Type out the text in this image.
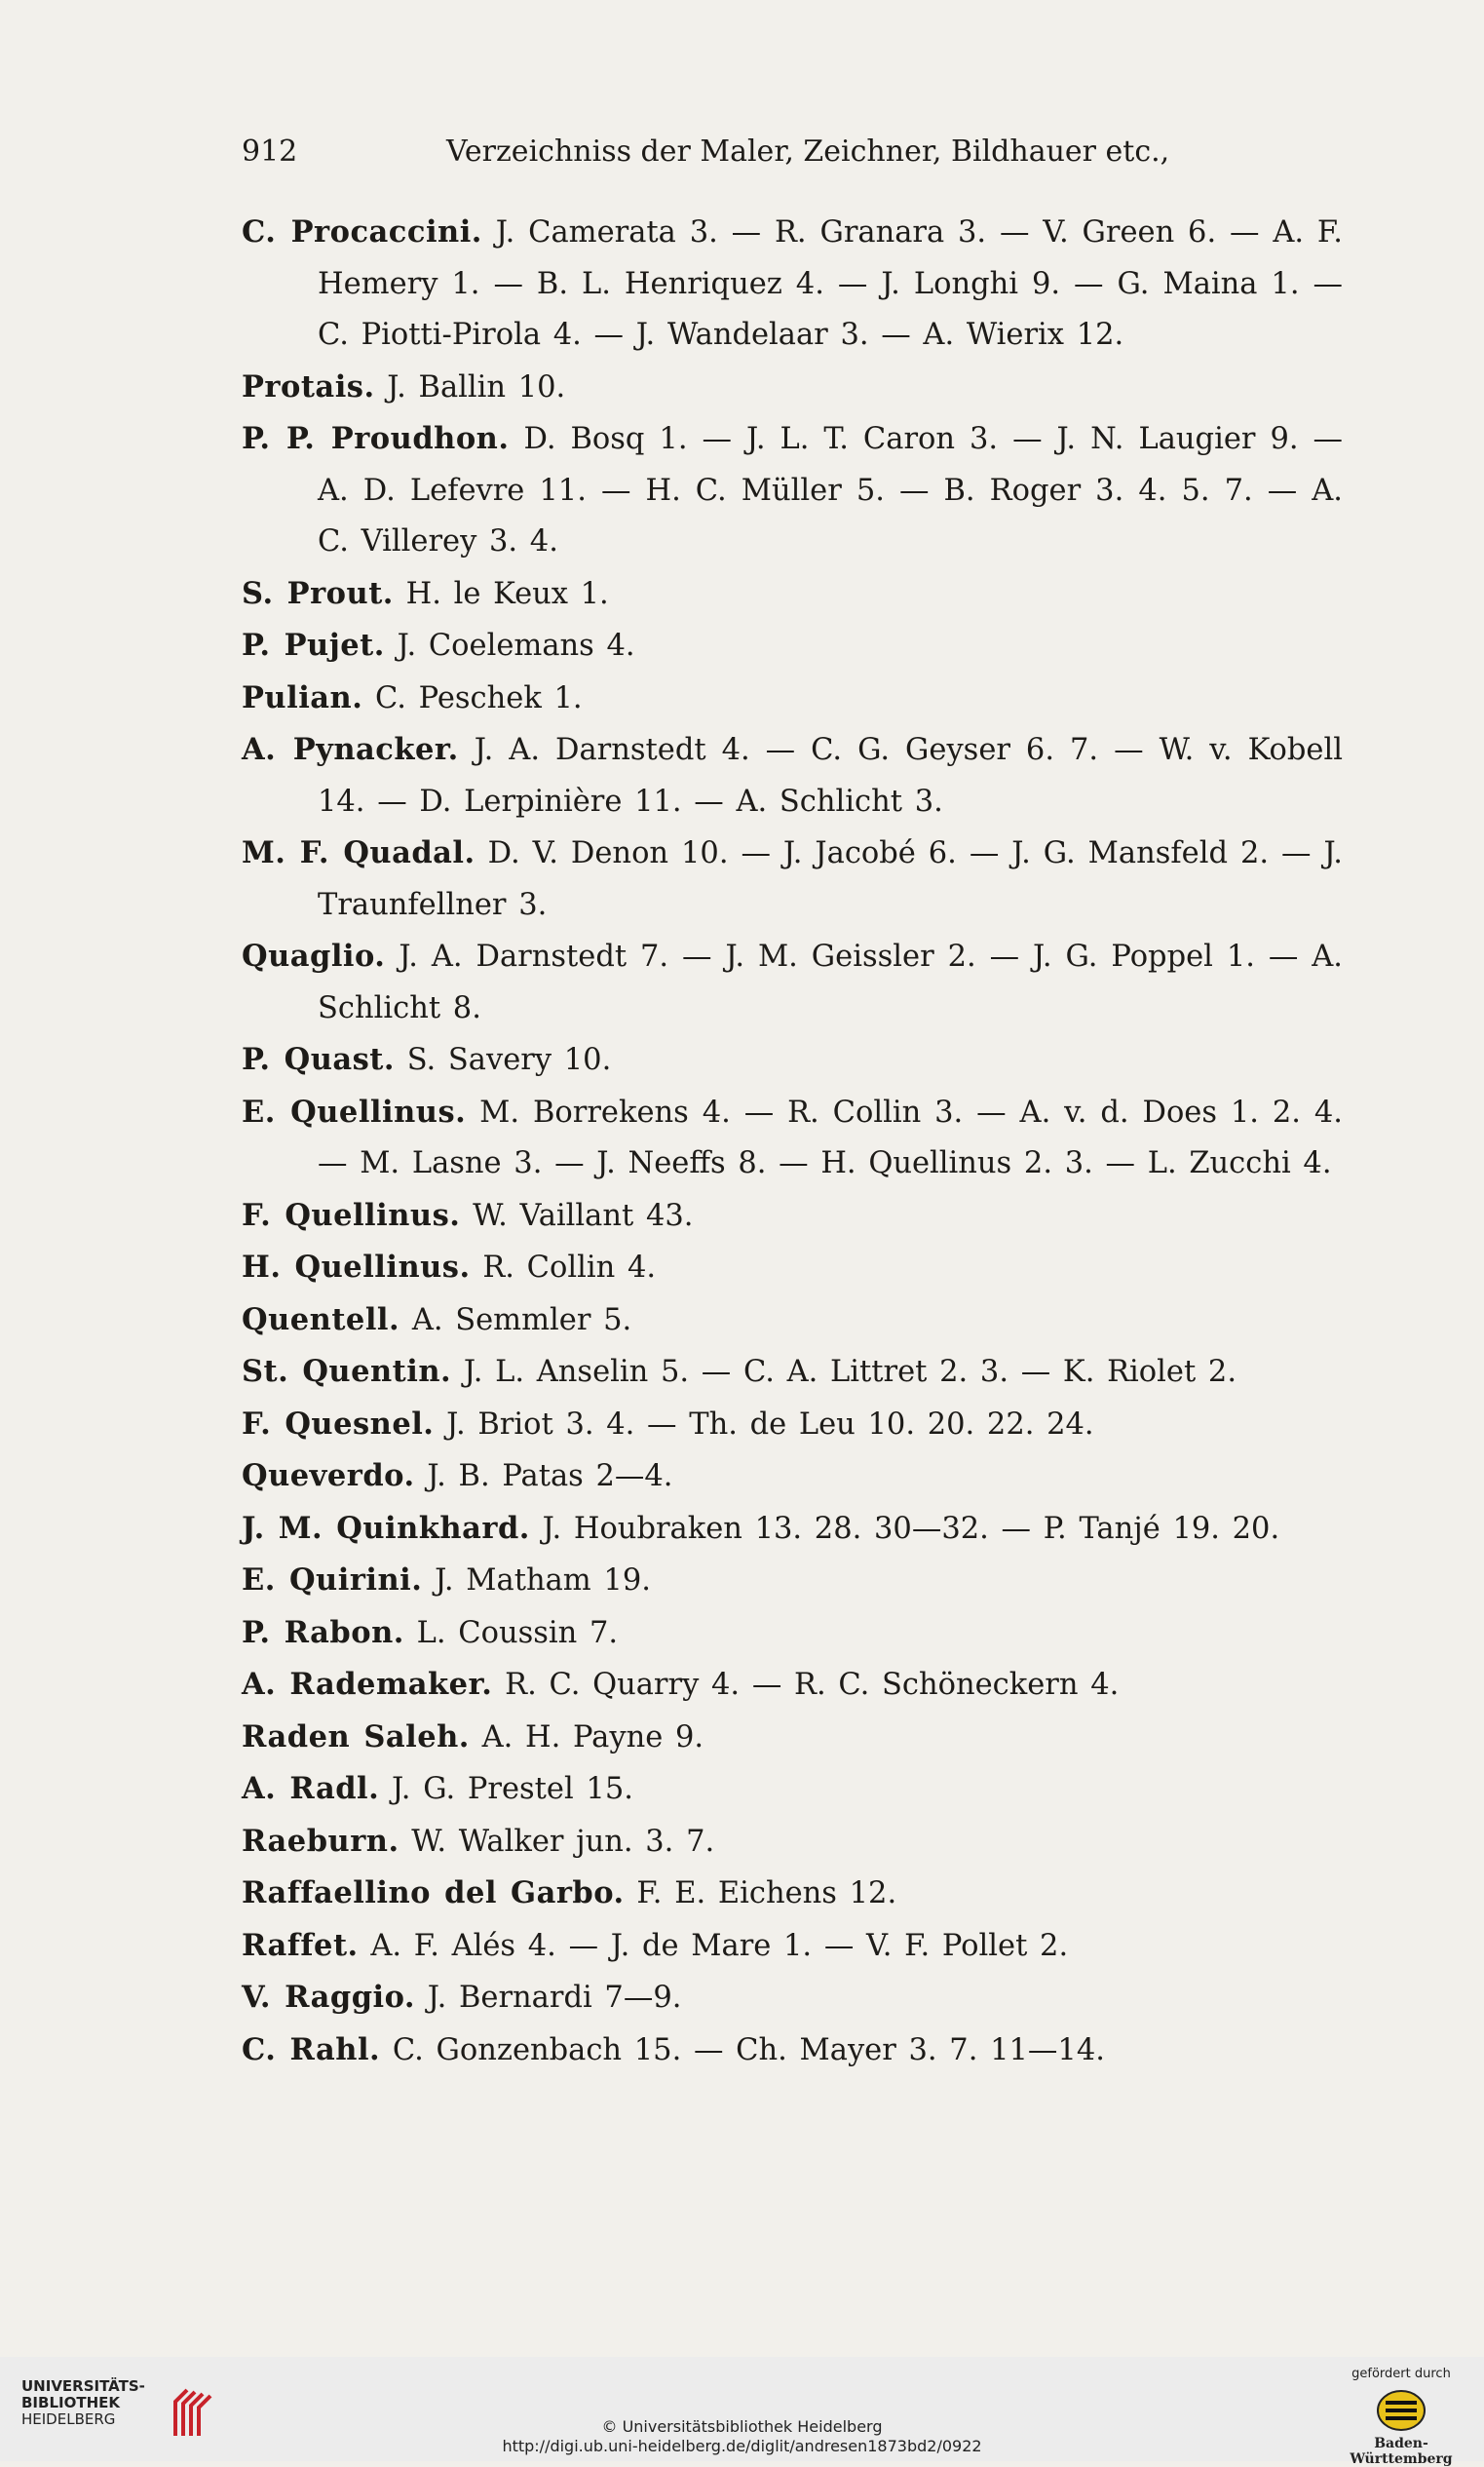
912	Verzeichniss der Maler, Zeichner, Bildhauer etc.,
C. Procaccini. J. Camerata 3. — R. Granara 3. — V. Green 6. — A. F. Hemery 1. — B. L. Henriquez 4. — J. Longhi 9. — G. Maina 1. — C. Piotti-Pirola 4. — J. Wandelaar 3. — A. Wierix 12.
Protais. J. Ballin 10.
P. P. Proudhon. D. Bosq 1. — J. L. T. Caron 3. — J. N. Laugier 9. — A. D. Lefevre 11. — H. C. Müller 5. — B. Roger 3. 4. 5. 7. — A. C. Villerey 3. 4.
S. Prout. H. le Keux 1.
P. Pujet. J. Coelemans 4.
Pulian. C. Peschek 1.
A. Pynacker. J. A. Darnstedt 4. — C. G. Geyser 6. 7. — W. v. Kobell 14. — D. Lerpinière 11. — A. Schlicht 3.
M. F. Quadal. D. V. Denon 10. — J. Jacobé 6. — J. G. Mansfeld 2. — J. Traunfellner 3.
Quaglio. J. A. Darnstedt 7. — J. M. Geissler 2. — J. G. Poppel 1. — A. Schlicht 8.
P. Quast. S. Savery 10.
E. Quellinus. M. Borrekens 4. — R. Collin 3. — A. v. d. Does 1. 2. 4. — M. Lasne 3. — J. Neeffs 8. — H. Quellinus 2. 3. — L. Zucchi 4.
F. Quellinus. W. Vaillant 43.
H. Quellinus. R. Collin 4.
Quentell. A. Semmler 5.
St. Quentin. J. L. Anselin 5. — C. A. Littret 2. 3. — K. Riolet 2.
F. Quesnel. J. Briot 3. 4. — Th. de Leu 10. 20. 22. 24.
Queverdo. J. B. Patas 2—4.
J. M. Quinkhard. J. Houbraken 13. 28. 30—32. — P. Tanjé 19. 20.
E. Quirini. J. Matham 19.
P. Rabon. L. Coussin 7.
A. Rademaker. R. C. Quarry 4. — R. C. Schöneckern 4.
Raden Saleh. A. H. Payne 9.
A. Radl. J. G. Prestel 15.
Raeburn. W. Walker jun. 3. 7.
Raffaellino del Garbo. F. E. Eichens 12.
Raffet. A. F. Alés 4. — J. de Mare 1. — V. F. Pollet 2.
V. Raggio. J. Bernardi 7—9.
C. Rahl. C. Gonzenbach 15. — Ch. Mayer 3. 7. 11—14.
UNIVERSITÄTS-
BIBLIOTHEK
HEIDELBERG	© Universitätsbibliothek Heidelberg
http://digi.ub.uni-heidelberg.de/diglit/andresen1873bd2/0922
gefördert durch
Baden-Württemberg
